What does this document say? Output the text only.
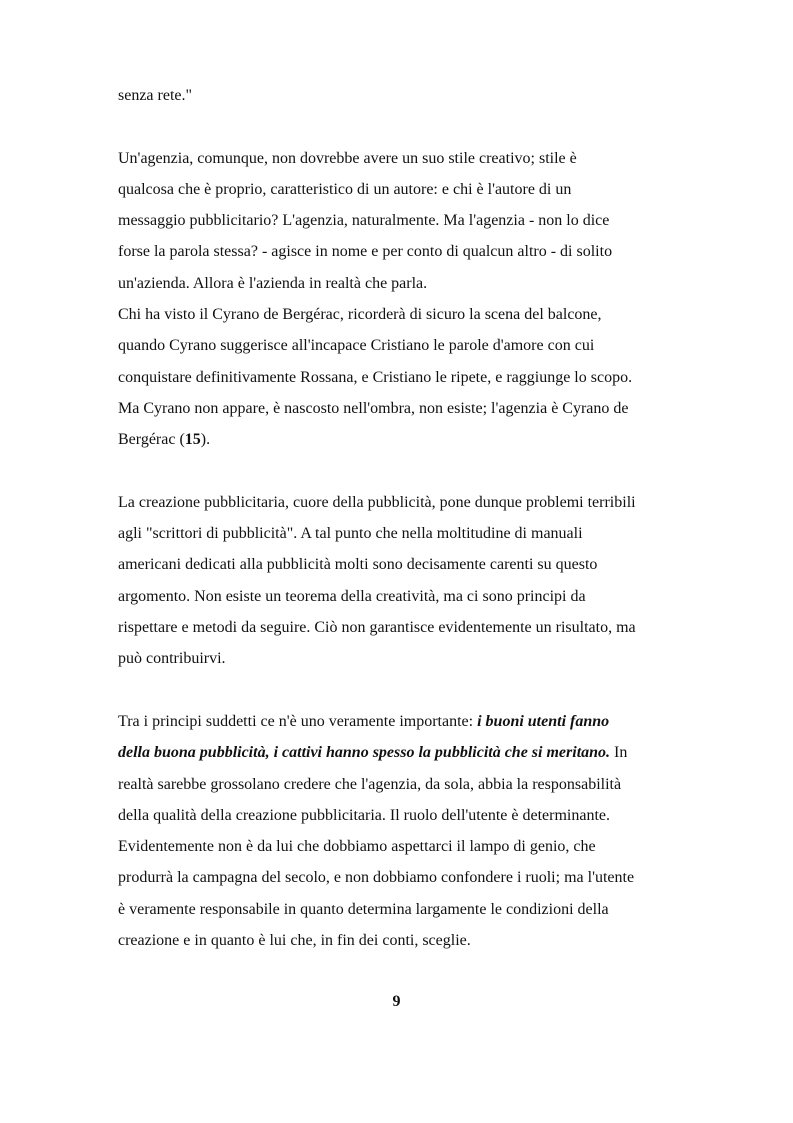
senza rete."
Un'agenzia, comunque, non dovrebbe avere un suo stile creativo; stile è
qualcosa che è proprio, caratteristico di un autore: e chi è l'autore di un
messaggio pubblicitario? L'agenzia, naturalmente. Ma l'agenzia - non lo dice
forse la parola stessa? - agisce in nome e per conto di qualcun altro - di solito
un'azienda. Allora è l'azienda in realtà che parla.
Chi ha visto il Cyrano de Bergérac, ricorderà di sicuro la scena del balcone,
quando Cyrano suggerisce all'incapace Cristiano le parole d'amore con cui
conquistare definitivamente Rossana, e Cristiano le ripete, e raggiunge lo scopo.
Ma Cyrano non appare, è nascosto nell'ombra, non esiste; l'agenzia è Cyrano de
Bergérac (15).
La creazione pubblicitaria, cuore della pubblicità, pone dunque problemi terribili
agli "scrittori di pubblicità". A tal punto che nella moltitudine di manuali
americani dedicati alla pubblicità molti sono decisamente carenti su questo
argomento. Non esiste un teorema della creatività, ma ci sono principi da
rispettare e metodi da seguire. Ciò non garantisce evidentemente un risultato, ma
può contribuirvi.
Tra i principi suddetti ce n'è uno veramente importante: i buoni utenti fanno
della buona pubblicità, i cattivi hanno spesso la pubblicità che si meritano. In
realtà sarebbe grossolano credere che l'agenzia, da sola, abbia la responsabilità
della qualità della creazione pubblicitaria. Il ruolo dell'utente è determinante.
Evidentemente non è da lui che dobbiamo aspettarci il lampo di genio, che
produrrà la campagna del secolo, e non dobbiamo confondere i ruoli; ma l'utente
è veramente responsabile in quanto determina largamente le condizioni della
creazione e in quanto è lui che, in fin dei conti, sceglie.
9
